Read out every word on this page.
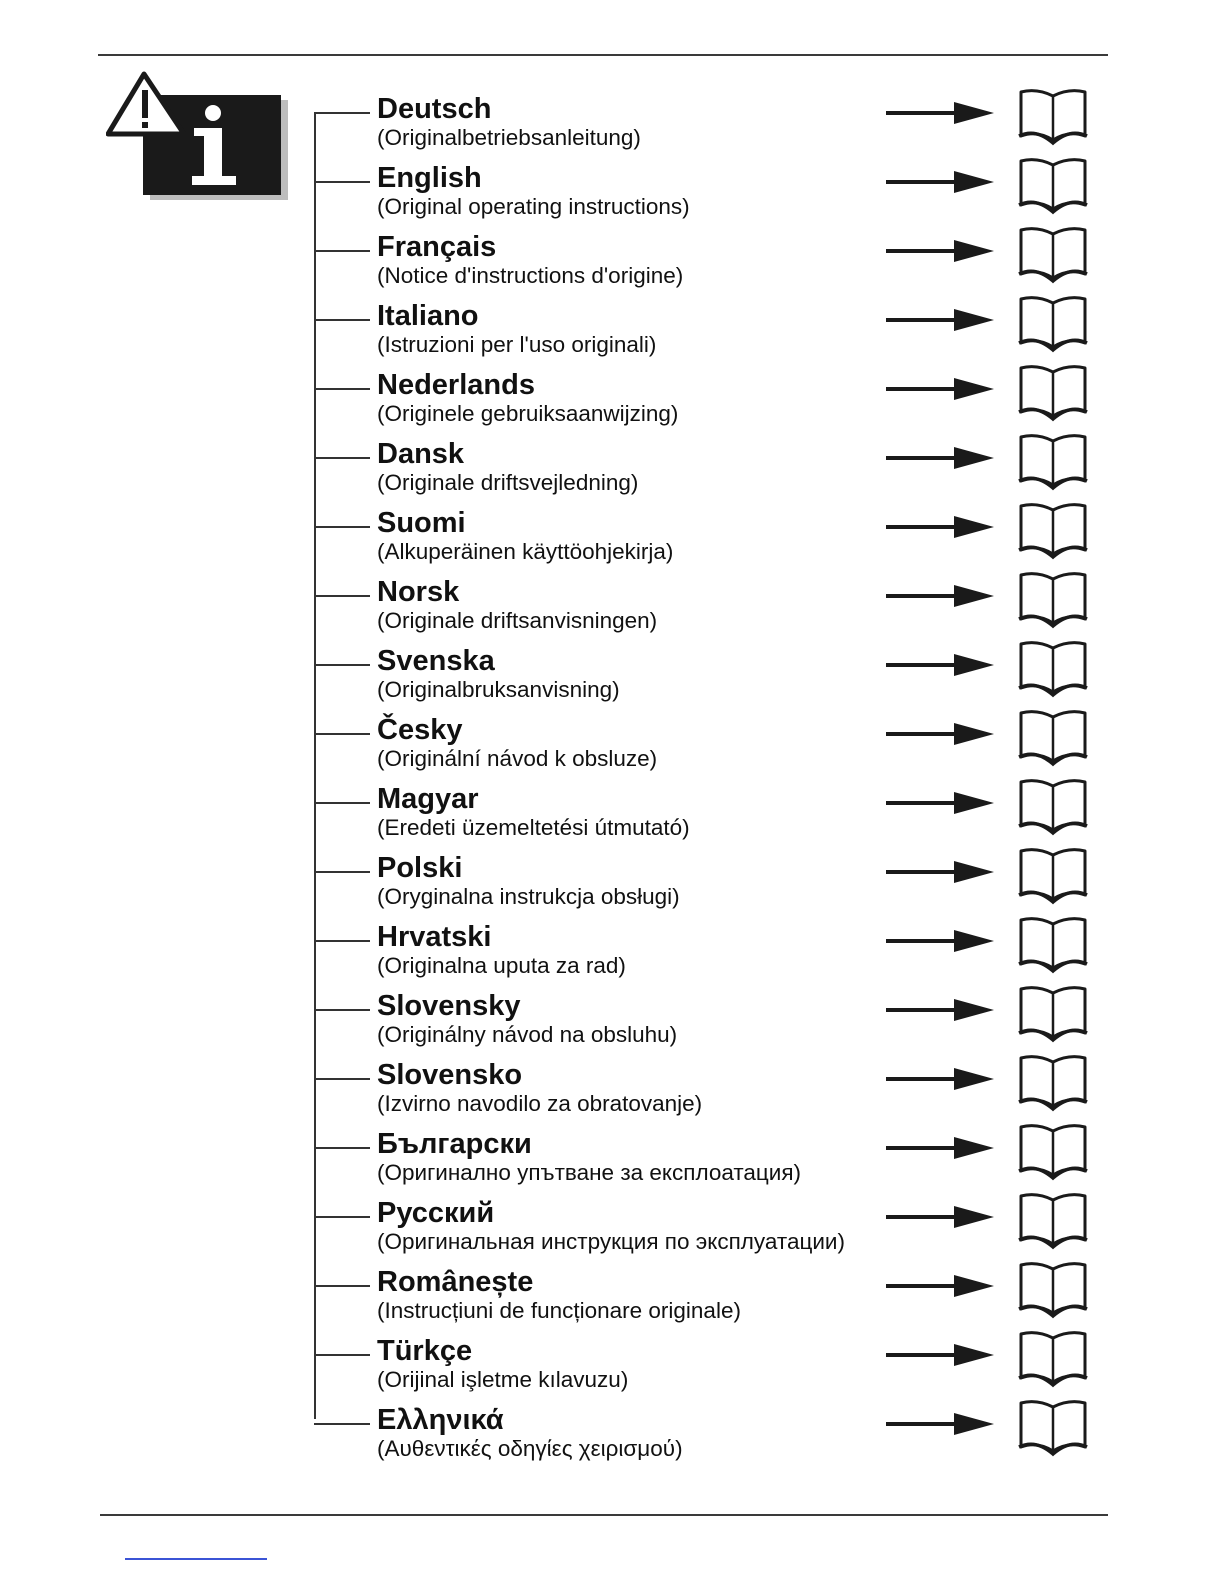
Deutsch
(Originalbetriebsanleitung)
English
(Original operating instructions)
Français
(Notice d'instructions d'origine)
Italiano
(Istruzioni per l'uso originali)
Nederlands
(Originele gebruiksaanwijzing)
Dansk
(Originale driftsvejledning)
Suomi
(Alkuperäinen käyttöohjekirja)
Norsk
(Originale driftsanvisningen)
Svenska
(Originalbruksanvisning)
Česky
(Originální návod k obsluze)
Magyar
(Eredeti üzemeltetési útmutató)
Polski
(Oryginalna instrukcja obsługi)
Hrvatski
(Originalna uputa za rad)
Slovensky
(Originálny návod na obsluhu)
Slovensko
(Izvirno navodilo za obratovanje)
Български
(Оригинално упътване за експлоатация)
Русский
(Оригинальная инструкция по эксплуатации)
Românește
(Instrucțiuni de funcționare originale)
Türkçe
(Orijinal işletme kılavuzu)
Ελληνικά
(Αυθεντικές οδηγίες χειρισμού)
